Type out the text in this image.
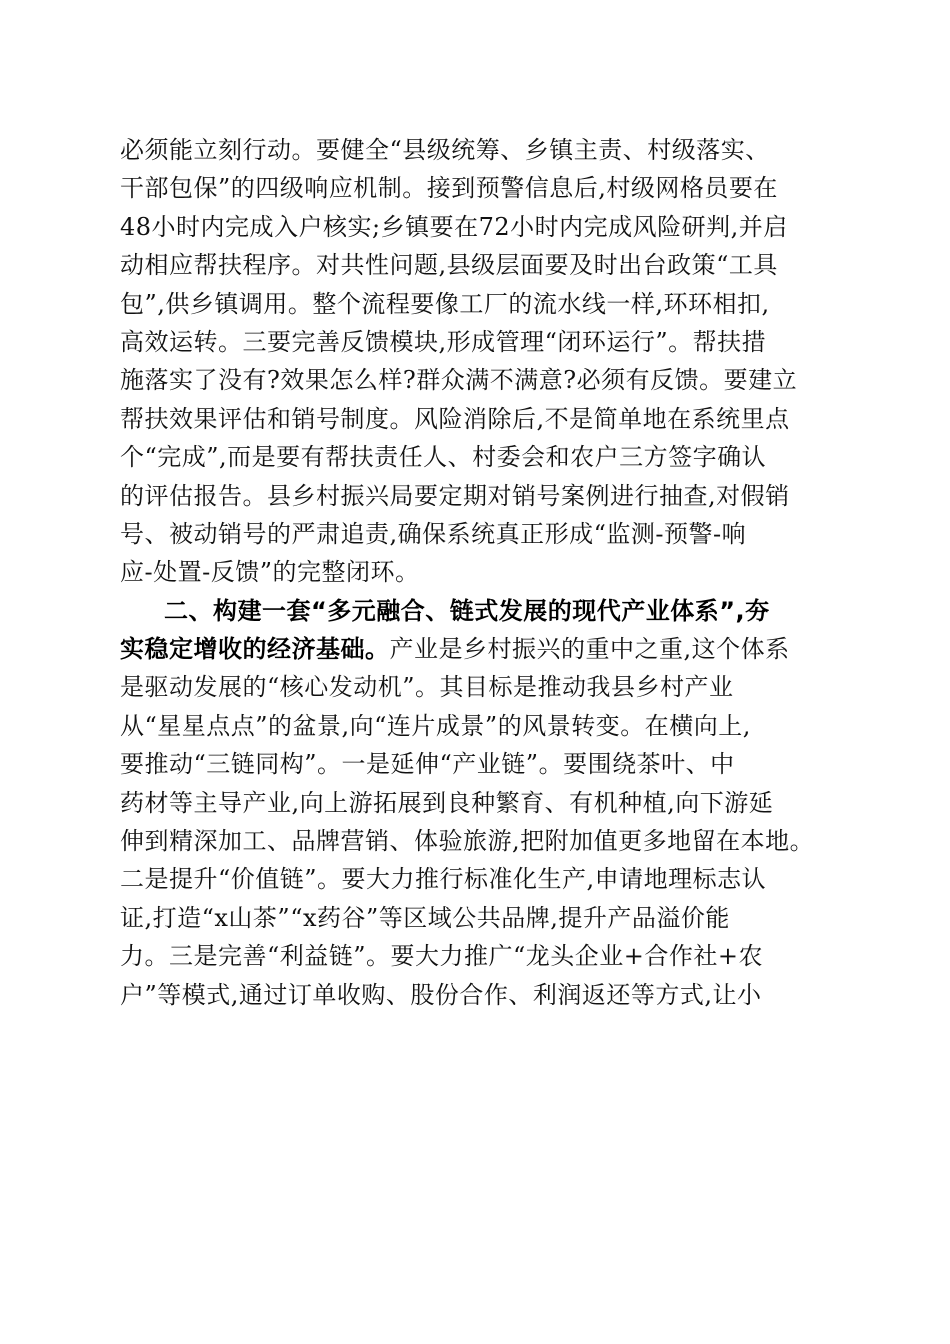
必须能立刻行动。要健全“县级统筹、乡镇主责、村级落实、
干部包保”的四级响应机制。接到预警信息后,村级网格员要在
48小时内完成入户核实;乡镇要在72小时内完成风险研判,并启
动相应帮扶程序。对共性问题,县级层面要及时出台政策“工具
包”,供乡镇调用。整个流程要像工厂的流水线一样,环环相扣,
高效运转。三要完善反馈模块,形成管理“闭环运行”。帮扶措
施落实了没有?效果怎么样?群众满不满意?必须有反馈。要建立
帮扶效果评估和销号制度。风险消除后,不是简单地在系统里点
个“完成”,而是要有帮扶责任人、村委会和农户三方签字确认
的评估报告。县乡村振兴局要定期对销号案例进行抽查,对假销
号、被动销号的严肃追责,确保系统真正形成“监测-预警-响
应-处置-反馈”的完整闭环。
二、构建一套“多元融合、链式发展的现代产业体系”,夯
实稳定增收的经济基础。产业是乡村振兴的重中之重,这个体系
是驱动发展的“核心发动机”。其目标是推动我县乡村产业
从“星星点点”的盆景,向“连片成景”的风景转变。在横向上,
要推动“三链同构”。一是延伸“产业链”。要围绕茶叶、中
药材等主导产业,向上游拓展到良种繁育、有机种植,向下游延
伸到精深加工、品牌营销、体验旅游,把附加值更多地留在本地。
二是提升“价值链”。要大力推行标准化生产,申请地理标志认
证,打造“x山茶”“x药谷”等区域公共品牌,提升产品溢价能
力。三是完善“利益链”。要大力推广“龙头企业+合作社+农
户”等模式,通过订单收购、股份合作、利润返还等方式,让小
